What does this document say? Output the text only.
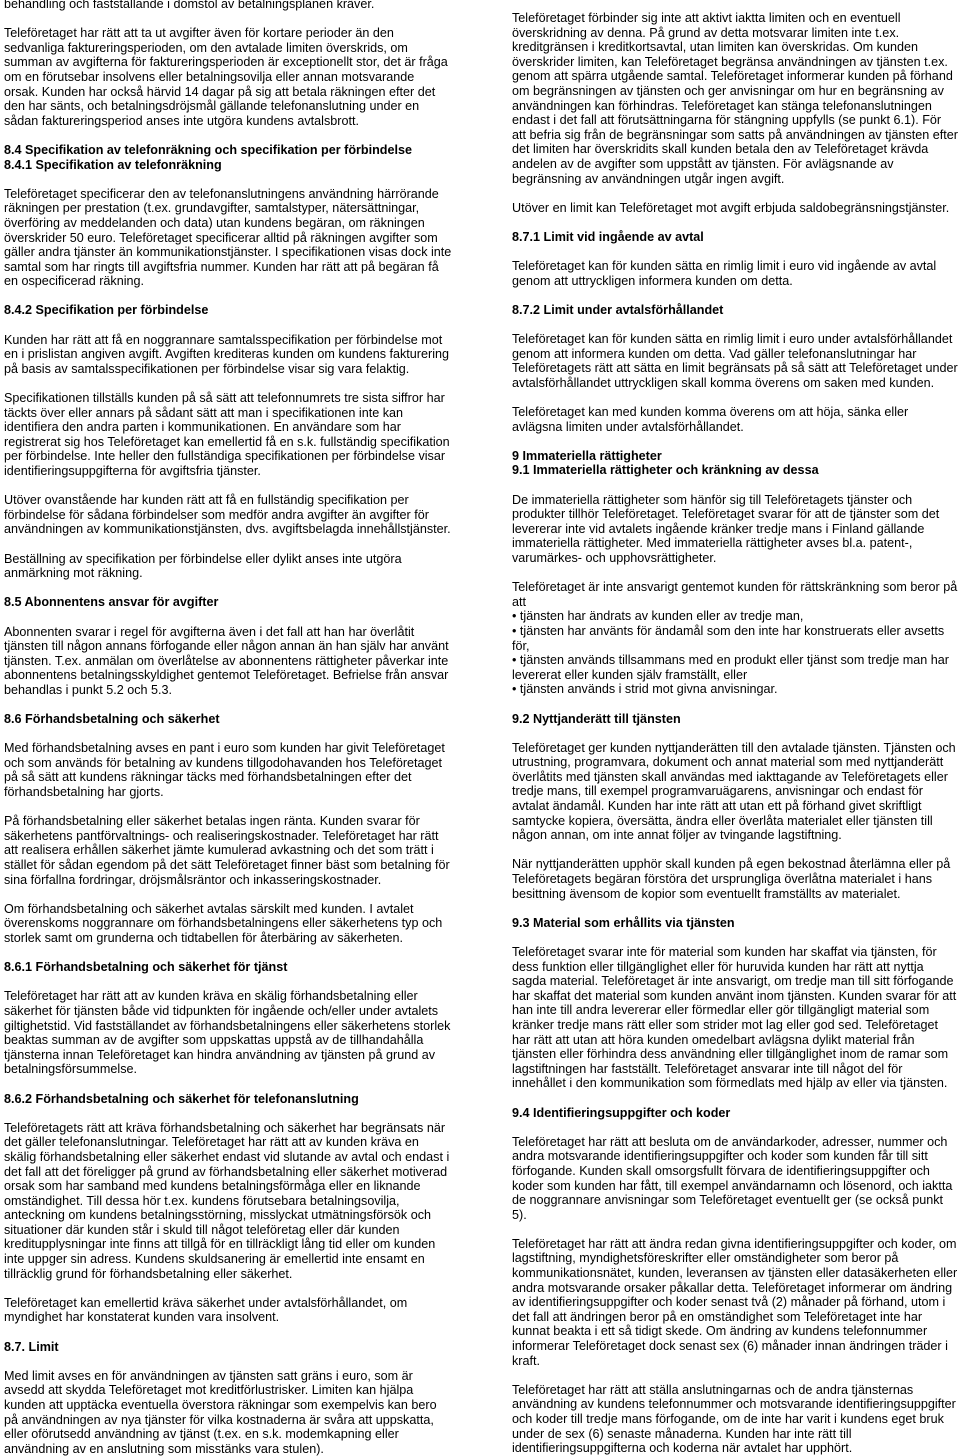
behandling och fastställande i domstol av betalningsplanen kräver.

Teleföretaget har rätt att ta ut avgifter även för kortare perioder än den sedvanliga faktureringsperioden, om den avtalade limiten överskrids, om summan av avgifterna för faktureringsperioden är exceptionellt stor, det är fråga om en förutsebar insolvens eller betalningsovilja eller annan motsvarande orsak. Kunden har också härvid 14 dagar på sig att betala räkningen efter det den har sänts, och betalningsdröjsmål gällande telefonanslutning under en sådan faktureringsperiod anses inte utgöra kundens avtalsbrott.

8.4 Specifikation av telefonräkning och specifikation per förbindelse
8.4.1 Specifikation av telefonräkning

Teleföretaget specificerar den av telefonanslutningens användning härrörande räkningen per prestation (t.ex. grundavgifter, samtalstyper, nätersättningar, överföring av meddelanden och data) utan kundens begäran, om räkningen överskrider 50 euro. Teleföretaget specificerar alltid på räkningen avgifter som gäller andra tjänster än kommunikationstjänster. I specifikationen visas dock inte samtal som har ringts till avgiftsfria nummer. Kunden har rätt att på begäran få en ospecificerad räkning.

8.4.2 Specifikation per förbindelse

Kunden har rätt att få en noggrannare samtalsspecifikation per förbindelse mot en i prislistan angiven avgift. Avgiften krediteras kunden om kundens fakturering på basis av samtalsspecifikationen per förbindelse visar sig vara felaktig.

Specifikationen tillställs kunden på så sätt att telefonnumrets tre sista siffror har täckts över eller annars på sådant sätt att man i specifikationen inte kan identifiera den andra parten i kommunikationen. En användare som har registrerat sig hos Teleföretaget kan emellertid få en s.k. fullständig specifikation per förbindelse. Inte heller den fullständiga specifikationen per förbindelse visar identifieringsuppgifterna för avgiftsfria tjänster.

Utöver ovanstående har kunden rätt att få en fullständig specifikation per förbindelse för sådana förbindelser som medför andra avgifter än avgifter för användningen av kommunikationstjänsten, dvs. avgiftsbelagda innehållstjänster.

Beställning av specifikation per förbindelse eller dylikt anses inte utgöra anmärkning mot räkning.

8.5 Abonnentens ansvar för avgifter

Abonnenten svarar i regel för avgifterna även i det fall att han har överlåtit tjänsten till någon annans förfogande eller någon annan än han själv har använt tjänsten. T.ex. anmälan om överlåtelse av abonnentens rättigheter påverkar inte abonnentens betalningsskyldighet gentemot Teleföretaget. Befrielse från ansvar behandlas i punkt 5.2 och 5.3.

8.6 Förhandsbetalning och säkerhet

Med förhandsbetalning avses en pant i euro som kunden har givit Teleföretaget och som används för betalning av kundens tillgodohavanden hos Teleföretaget på så sätt att kundens räkningar täcks med förhandsbetalningen efter det förhandsbetalning har gjorts.

På förhandsbetalning eller säkerhet betalas ingen ränta. Kunden svarar för säkerhetens pantförvaltnings- och realiseringskostnader. Teleföretaget har rätt att realisera erhållen säkerhet jämte kumulerad avkastning och det som trätt i stället för sådan egendom på det sätt Teleföretaget finner bäst som betalning för sina förfallna fordringar, dröjsmålsräntor och inkasseringskostnader.

Om förhandsbetalning och säkerhet avtalas särskilt med kunden. I avtalet överenskoms noggrannare om förhandsbetalningens eller säkerhetens typ och storlek samt om grunderna och tidtabellen för återbäring av säkerheten.

8.6.1 Förhandsbetalning och säkerhet för tjänst

Teleföretaget har rätt att av kunden kräva en skälig förhandsbetalning eller säkerhet för tjänsten både vid tidpunkten för ingående och/eller under avtalets giltighetstid. Vid fastställandet av förhandsbetalningens eller säkerhetens storlek beaktas summan av de avgifter som uppskattas uppstå av de tillhandahålla tjänsterna innan Teleföretaget kan hindra användning av tjänsten på grund av betalningsförsummelse.

8.6.2 Förhandsbetalning och säkerhet för telefonanslutning

Teleföretagets rätt att kräva förhandsbetalning och säkerhet har begränsats när det gäller telefonanslutningar. Teleföretaget har rätt att av kunden kräva en skälig förhandsbetalning eller säkerhet endast vid slutande av avtal och endast i det fall att det föreligger på grund av förhandsbetalning eller säkerhet motiverad orsak som har samband med kundens betalningsförmåga eller en liknande omständighet. Till dessa hör t.ex. kundens förutsebara betalningsovilja, anteckning om kundens betalningsstörning, misslyckat utmätningsförsök och situationer där kunden står i skuld till något teleföretag eller där kunden kreditupplysningar inte finns att tillgå för en tillräckligt lång tid eller om kunden inte uppger sin adress. Kundens skuldsanering är emellertid inte ensamt en tillräcklig grund för förhandsbetalning eller säkerhet.

Teleföretaget kan emellertid kräva säkerhet under avtalsförhållandet, om myndighet har konstaterat kunden vara insolvent.

8.7. Limit

Med limit avses en för användningen av tjänsten satt gräns i euro, som är avsedd att skydda Teleföretaget mot kreditförlustrisker. Limiten kan hjälpa kunden att upptäcka eventuella överstora räkningar som exempelvis kan bero på användningen av nya tjänster för vilka kostnaderna är svåra att uppskatta, eller oförutsedd användning av tjänst (t.ex. en s.k. modemkapning eller användning av en anslutning som misstänks vara stulen).

Teleföretaget förbinder sig inte att aktivt iaktta limiten och en eventuell överskridning av denna. På grund av detta motsvarar limiten inte t.ex. kreditgränsen i kreditkortsavtal, utan limiten kan överskridas. Om kunden överskrider limiten, kan Teleföretaget begränsa användningen av tjänsten t.ex. genom att spärra utgående samtal. Teleföretaget informerar kunden på förhand om begränsningen av tjänsten och ger anvisningar om hur en begränsning av användningen kan förhindras. Teleföretaget kan stänga telefonanslutningen endast i det fall att förutsättningarna för stängning uppfylls (se punkt 6.1). För att befria sig från de begränsningar som satts på användningen av tjänsten efter det limiten har överskridits skall kunden betala den av Teleföretaget krävda andelen av de avgifter som uppstått av tjänsten. För avlägsnande av begränsning av användningen utgår ingen avgift.

Utöver en limit kan Teleföretaget mot avgift erbjuda saldobegränsningstjänster.

8.7.1 Limit vid ingående av avtal

Teleföretaget kan för kunden sätta en rimlig limit i euro vid ingående av avtal genom att uttryckligen informera kunden om detta.

8.7.2 Limit under avtalsförhållandet

Teleföretaget kan för kunden sätta en rimlig limit i euro under avtalsförhållandet genom att informera kunden om detta. Vad gäller telefonanslutningar har Teleföretagets rätt att sätta en limit begränsats på så sätt att Teleföretaget under avtalsförhållandet uttryckligen skall komma överens om saken med kunden.

Teleföretaget kan med kunden komma överens om att höja, sänka eller avlägsna limiten under avtalsförhållandet.

9 Immateriella rättigheter
9.1 Immateriella rättigheter och kränkning av dessa

De immateriella rättigheter som hänför sig till Teleföretagets tjänster och produkter tillhör Teleföretaget. Teleföretaget svarar för att de tjänster som det levererar inte vid avtalets ingående kränker tredje mans i Finland gällande immateriella rättigheter. Med immateriella rättigheter avses bl.a. patent-, varumärkes- och upphovsrättigheter.

Teleföretaget är inte ansvarigt gentemot kunden för rättskränkning som beror på att

• tjänsten har ändrats av kunden eller av tredje man,

• tjänsten har använts för ändamål som den inte har konstruerats eller avsetts för,

• tjänsten används tillsammans med en produkt eller tjänst som tredje man har levererat eller kunden själv framställt, eller

• tjänsten används i strid mot givna anvisningar.

9.2 Nyttjanderätt till tjänsten

Teleföretaget ger kunden nyttjanderätten till den avtalade tjänsten. Tjänsten och utrustning, programvara, dokument och annat material som med nyttjanderätt överlåtits med tjänsten skall användas med iakttagande av Teleföretagets eller tredje mans, till exempel programvaruägarens, anvisningar och endast för avtalat ändamål. Kunden har inte rätt att utan ett på förhand givet skriftligt samtycke kopiera, översätta, ändra eller överlåta materialet eller tjänsten till någon annan, om inte annat följer av tvingande lagstiftning.

När nyttjanderätten upphör skall kunden på egen bekostnad återlämna eller på Teleföretagets begäran förstöra det ursprungliga överlåtna materialet i hans besittning ävensom de kopior som eventuellt framställts av materialet.

9.3 Material som erhållits via tjänsten

Teleföretaget svarar inte för material som kunden har skaffat via tjänsten, för dess funktion eller tillgänglighet eller för huruvida kunden har rätt att nyttja sagda material. Teleföretaget är inte ansvarigt, om tredje man till sitt förfogande har skaffat det material som kunden använt inom tjänsten. Kunden svarar för att han inte till andra levererar eller förmedlar eller gör tillgängligt material som kränker tredje mans rätt eller som strider mot lag eller god sed. Teleföretaget har rätt att utan att höra kunden omedelbart avlägsna dylikt material från tjänsten eller förhindra dess användning eller tillgänglighet inom de ramar som lagstiftningen har fastställt. Teleföretaget ansvarar inte till något del för innehållet i den kommunikation som förmedlats med hjälp av eller via tjänsten.

9.4 Identifieringsuppgifter och koder

Teleföretaget har rätt att besluta om de användarkoder, adresser, nummer och andra motsvarande identifieringsuppgifter och koder som kunden får till sitt förfogande. Kunden skall omsorgsfullt förvara de identifieringsuppgifter och koder som kunden har fått, till exempel användarnamn och lösenord, och iaktta de noggrannare anvisningar som Teleföretaget eventuellt ger (se också punkt 5).

Teleföretaget har rätt att ändra redan givna identifieringsuppgifter och koder, om lagstiftning, myndighetsföreskrifter eller omständigheter som beror på kommunikationsnätet, kunden, leveransen av tjänsten eller datasäkerheten eller andra motsvarande orsaker påkallar detta. Teleföretaget informerar om ändring av identifieringsuppgifter och koder senast två (2) månader på förhand, utom i det fall att ändringen beror på en omständighet som Teleföretaget inte har kunnat beakta i ett så tidigt skede. Om ändring av kundens telefonnummer informerar Teleföretaget dock senast sex (6) månader innan ändringen träder i kraft.

Teleföretaget har rätt att ställa anslutningarnas och de andra tjänsternas användning av kundens telefonnummer och motsvarande identifieringsuppgifter och koder till tredje mans förfogande, om de inte har varit i kundens eget bruk under de sex (6) senaste månaderna. Kunden har inte rätt till identifieringsuppgifterna och koderna när avtalet har upphört.
